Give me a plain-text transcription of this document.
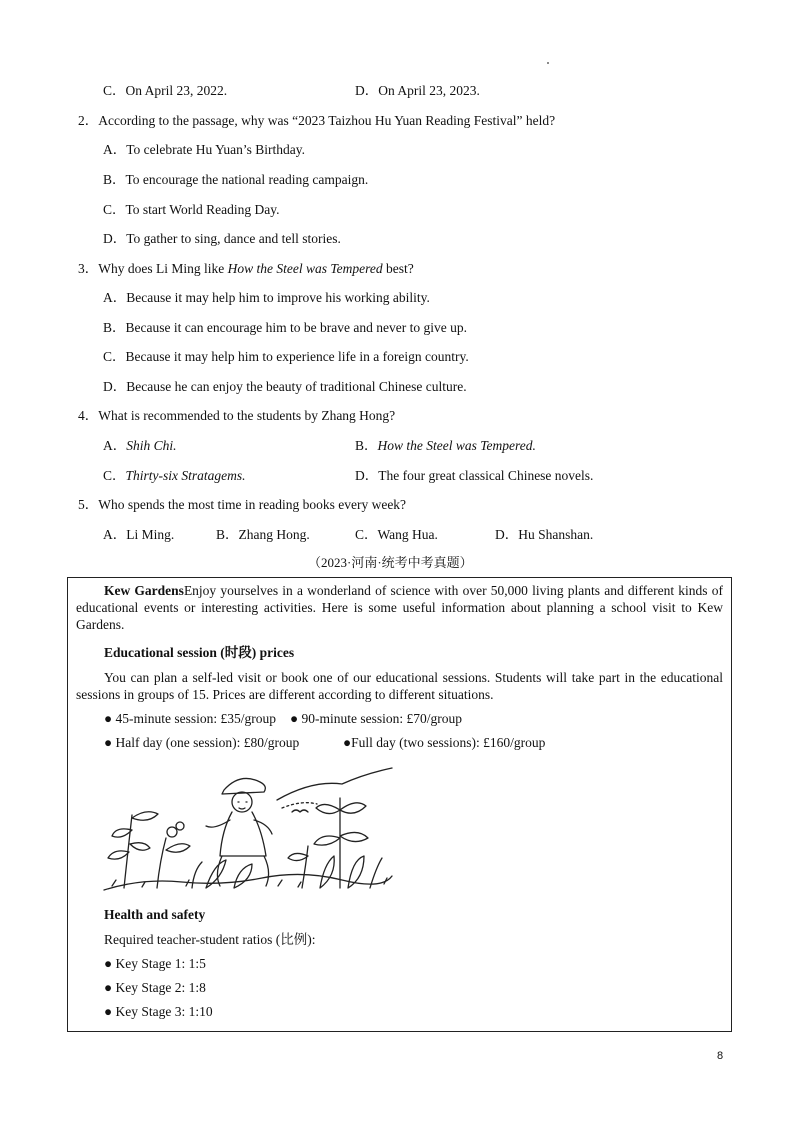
C．On April 23, 2022.	D．On April 23, 2023.
2．According to the passage, why was “2023 Taizhou Hu Yuan Reading Festival” held?
A．To celebrate Hu Yuan’s Birthday.
B．To encourage the national reading campaign.
C．To start World Reading Day.
D．To gather to sing, dance and tell stories.
3．Why does Li Ming like How the Steel was Tempered best?
A．Because it may help him to improve his working ability.
B．Because it can encourage him to be brave and never to give up.
C．Because it may help him to experience life in a foreign country.
D．Because he can enjoy the beauty of traditional Chinese culture.
4．What is recommended to the students by Zhang Hong?
A．Shih Chi.	B．How the Steel was Tempered.
C．Thirty-six Stratagems.	D．The four great classical Chinese novels.
5．Who spends the most time in reading books every week?
A．Li Ming.	B．Zhang Hong.	C．Wang Hua.	D．Hu Shanshan.
（2023·河南·统考中考真题）

Kew GardensEnjoy yourselves in a wonderland of science with over 50,000 living plants and different kinds of educational events or interesting activities. Here is some useful information about planning a school visit to Kew Gardens.

Educational session (时段) prices

You can plan a self-led visit or book one of our educational sessions. Students will take part in the educational sessions in groups of 15. Prices are different according to different situations.

● 45-minute session: £35/group ● 90-minute session: £70/group
● Half day (one session): £80/group	●Full day (two sessions): £160/group

Health and safety

Required teacher-student ratios (比例):

● Key Stage 1: 1:5
● Key Stage 2: 1:8
● Key Stage 3: 1:10
8
